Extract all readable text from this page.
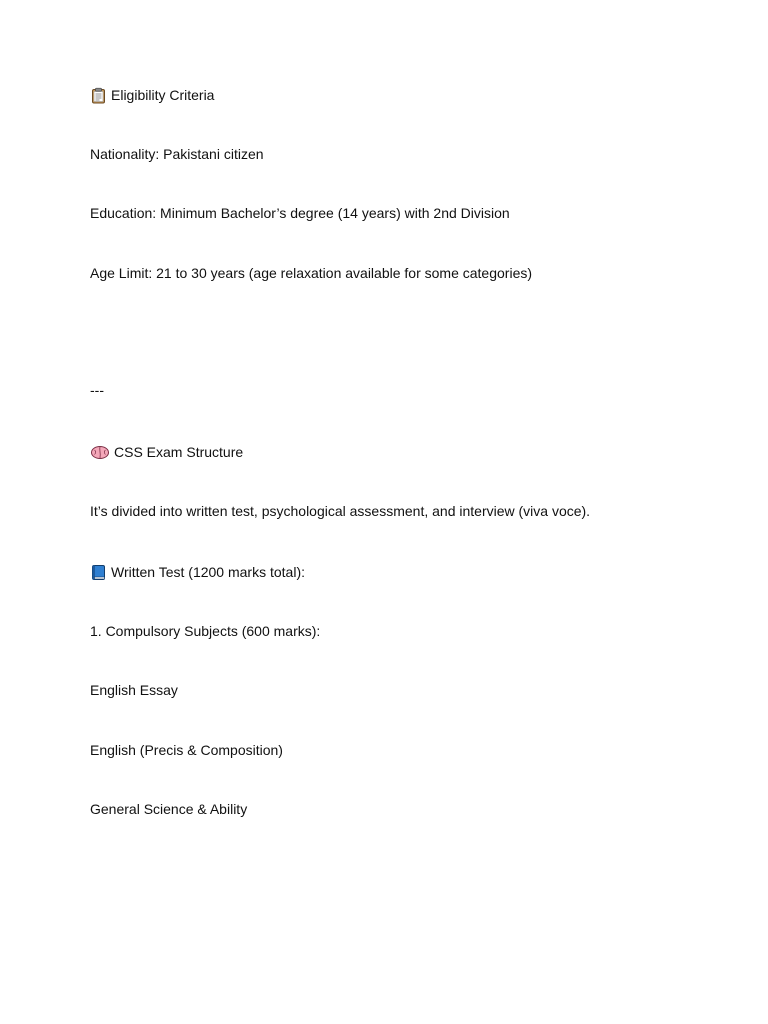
Eligibility Criteria
Nationality: Pakistani citizen
Education: Minimum Bachelor’s degree (14 years) with 2nd Division
Age Limit: 21 to 30 years (age relaxation available for some categories)
---
CSS Exam Structure
It’s divided into written test, psychological assessment, and interview (viva voce).
Written Test (1200 marks total):
1. Compulsory Subjects (600 marks):
English Essay
English (Precis & Composition)
General Science & Ability
